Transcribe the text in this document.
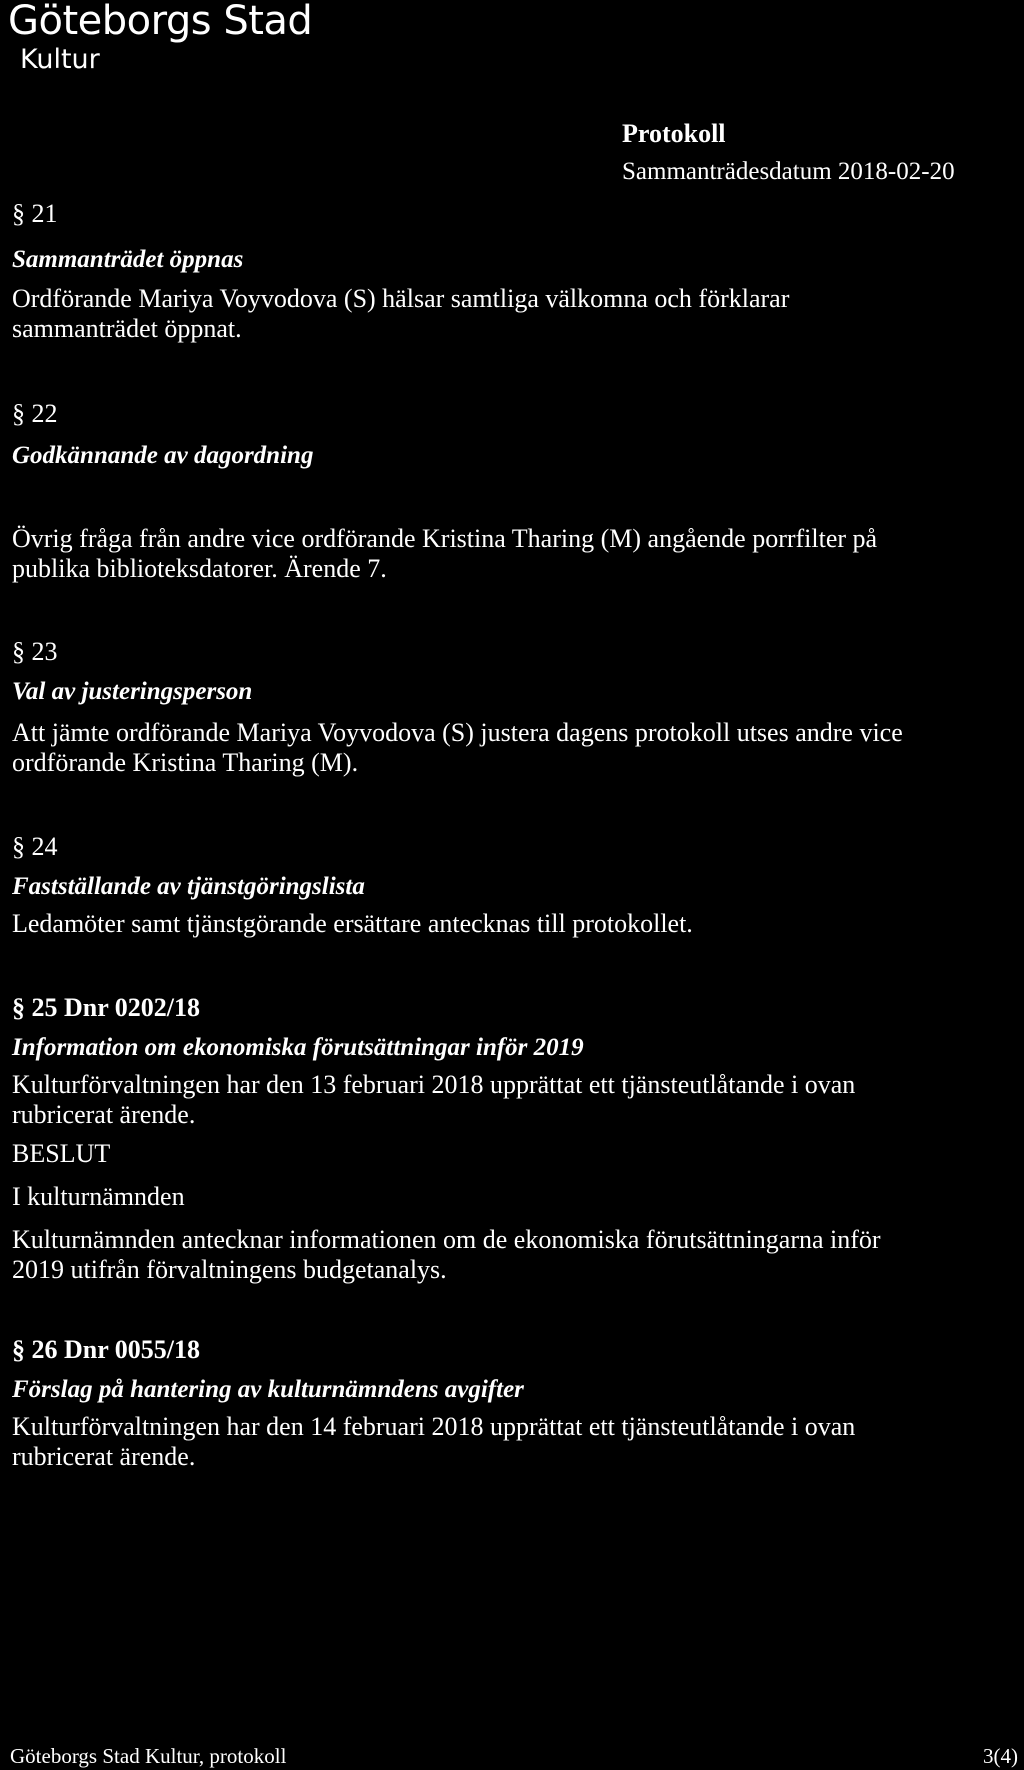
Göteborgs Stad
Kultur
Protokoll
Sammanträdesdatum 2018-02-20
§ 21
Sammanträdet öppnas
Ordförande Mariya Voyvodova (S) hälsar samtliga välkomna och förklarar
sammanträdet öppnat.
§ 22
Godkännande av dagordning
Övrig fråga från andre vice ordförande Kristina Tharing (M) angående porrfilter på
publika biblioteksdatorer. Ärende 7.
§ 23
Val av justeringsperson
Att jämte ordförande Mariya Voyvodova (S) justera dagens protokoll utses andre vice
ordförande Kristina Tharing (M).
§ 24
Fastställande av tjänstgöringslista
Ledamöter samt tjänstgörande ersättare antecknas till protokollet.
§ 25 Dnr 0202/18
Information om ekonomiska förutsättningar inför 2019
Kulturförvaltningen har den 13 februari 2018 upprättat ett tjänsteutlåtande i ovan
rubricerat ärende.
BESLUT
I kulturnämnden
Kulturnämnden antecknar informationen om de ekonomiska förutsättningarna inför
2019 utifrån förvaltningens budgetanalys.
§ 26 Dnr 0055/18
Förslag på hantering av kulturnämndens avgifter
Kulturförvaltningen har den 14 februari 2018 upprättat ett tjänsteutlåtande i ovan
rubricerat ärende.
Göteborgs Stad Kultur, protokoll	3(4)
